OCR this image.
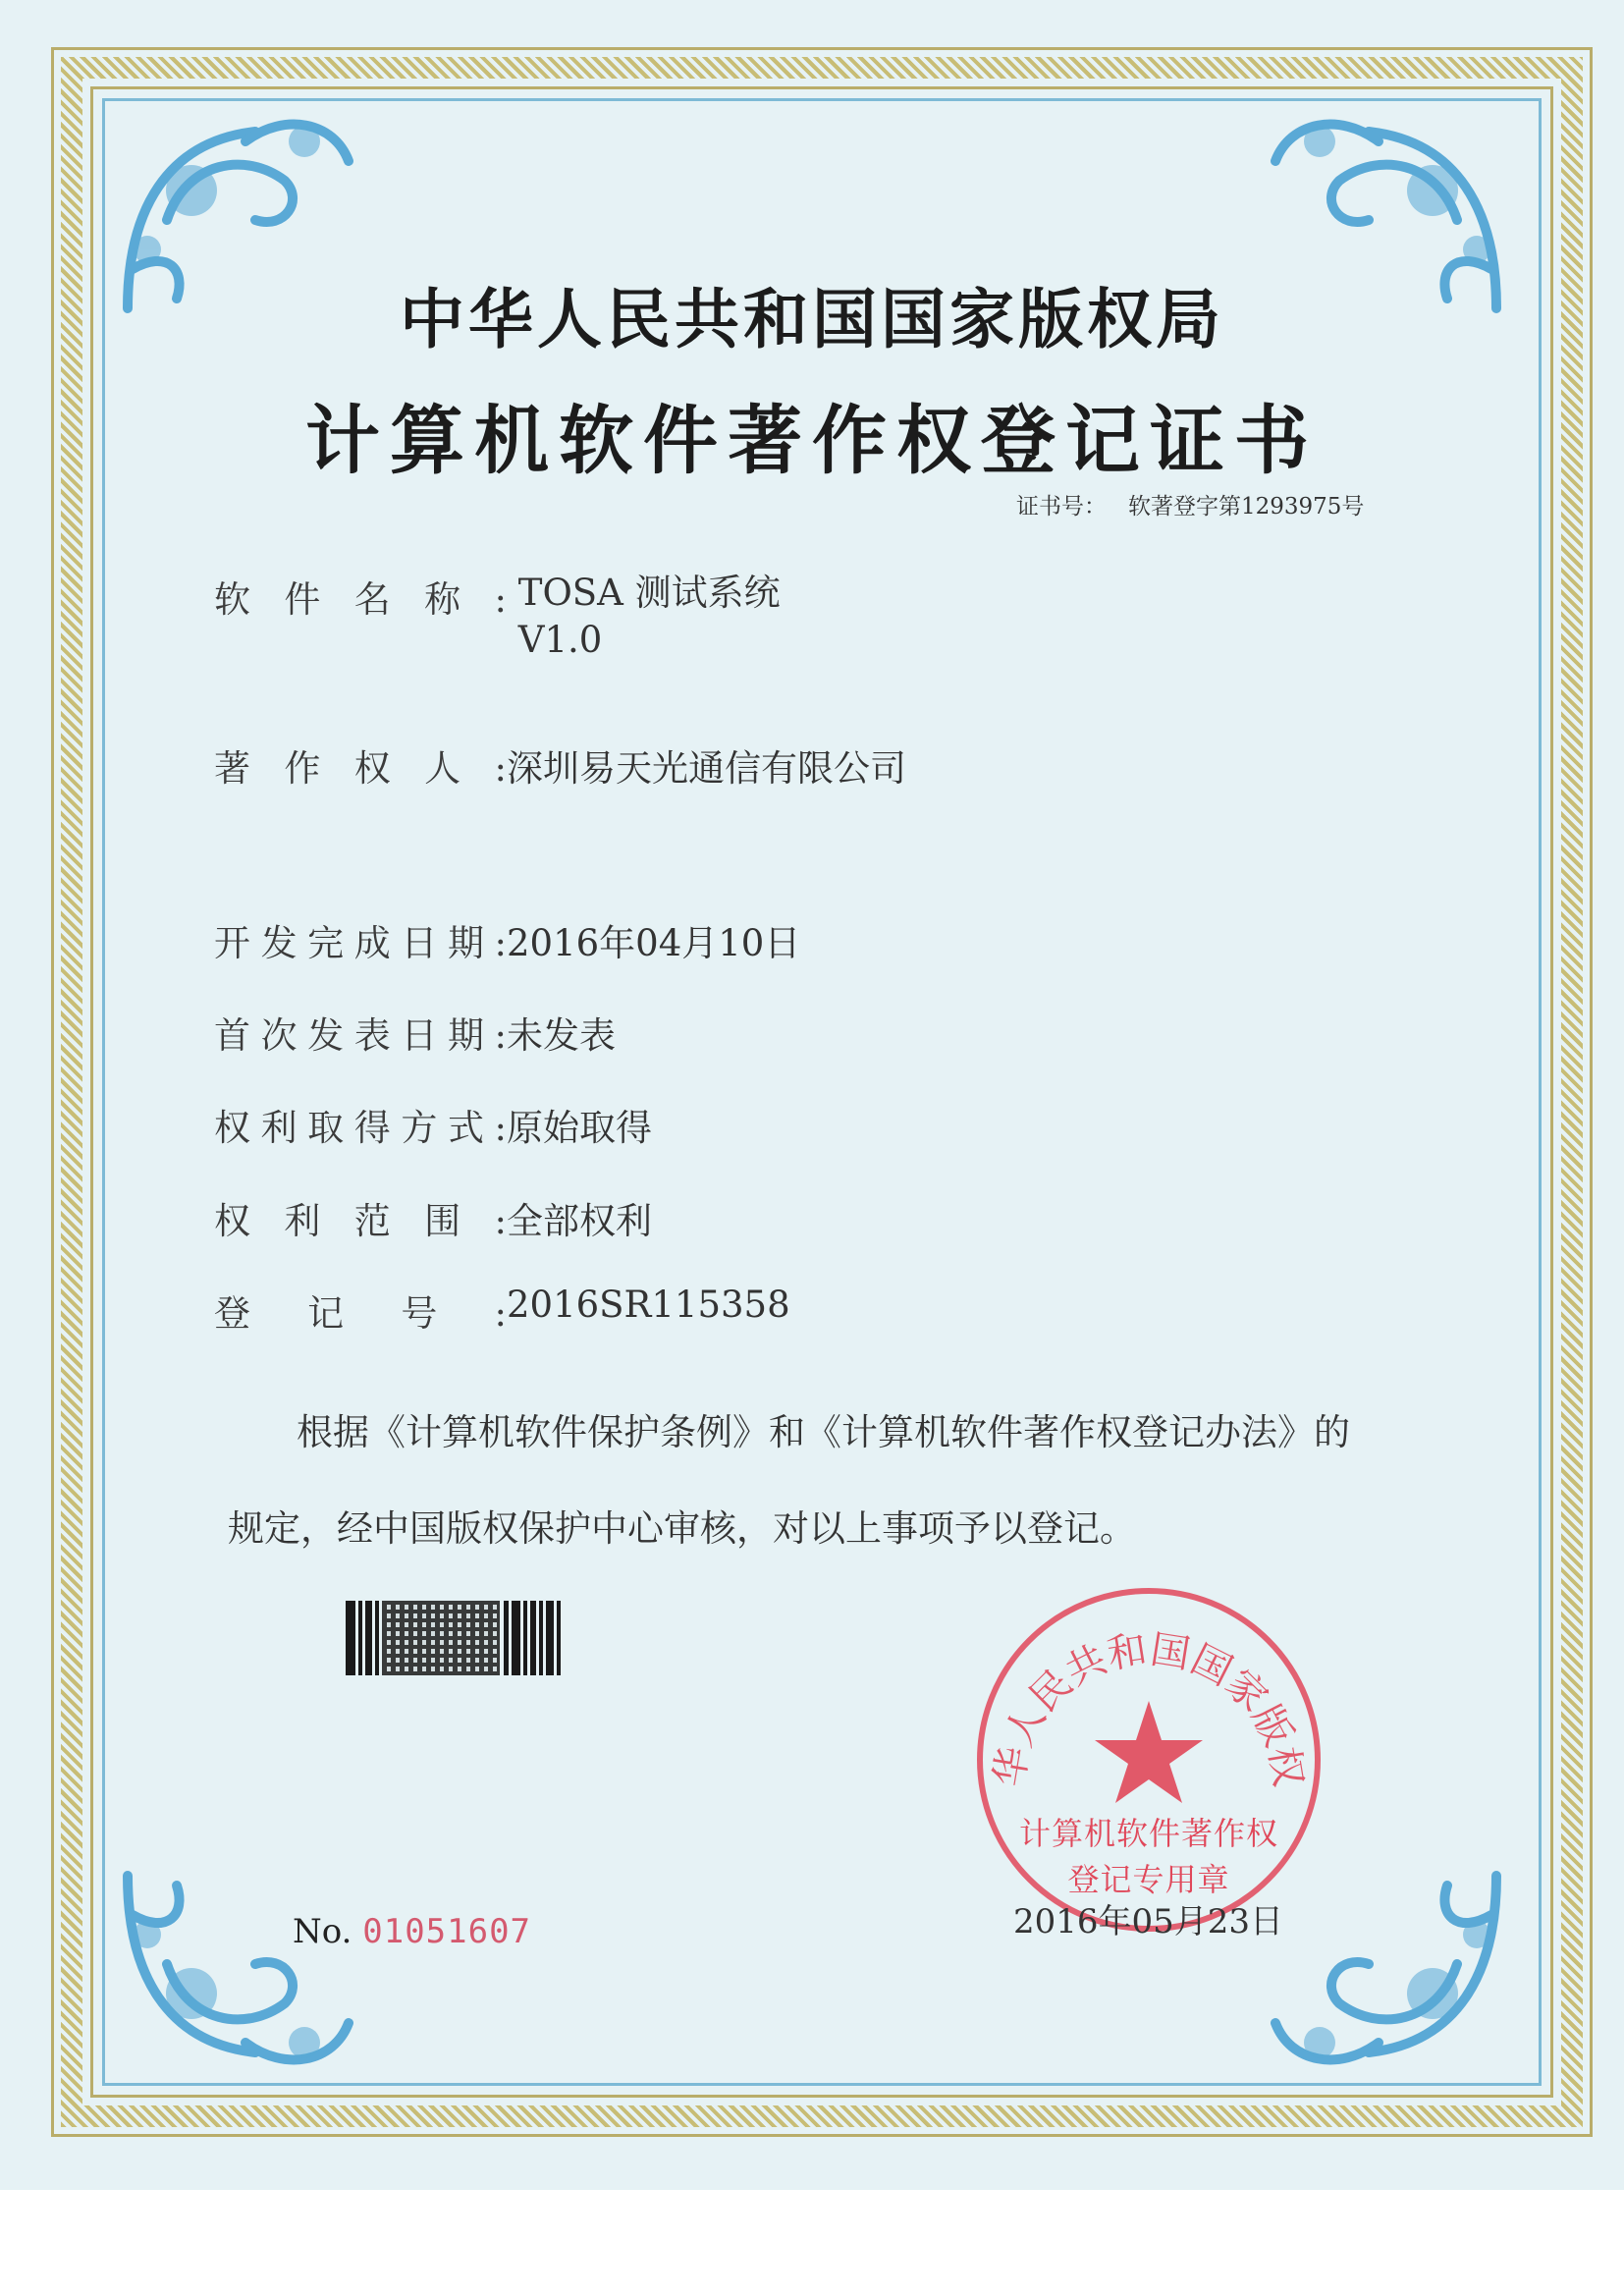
中华人民共和国国家版权局
计算机软件著作权登记证书
证书号： 软著登字第1293975号
软件名称: TOSA 测试系统
V1.0
著作权人:深圳易天光通信有限公司
开发完成日期:2016年04月10日
首次发表日期:未发表
权利取得方式:原始取得
权利范围:全部权利
登记号:2016SR115358
根据《计算机软件保护条例》和《计算机软件著作权登记办法》的
规定，经中国版权保护中心审核，对以上事项予以登记。
No. 01051607
华人民共和国国家版权
计算机软件著作权
登记专用章
2016年05月23日
